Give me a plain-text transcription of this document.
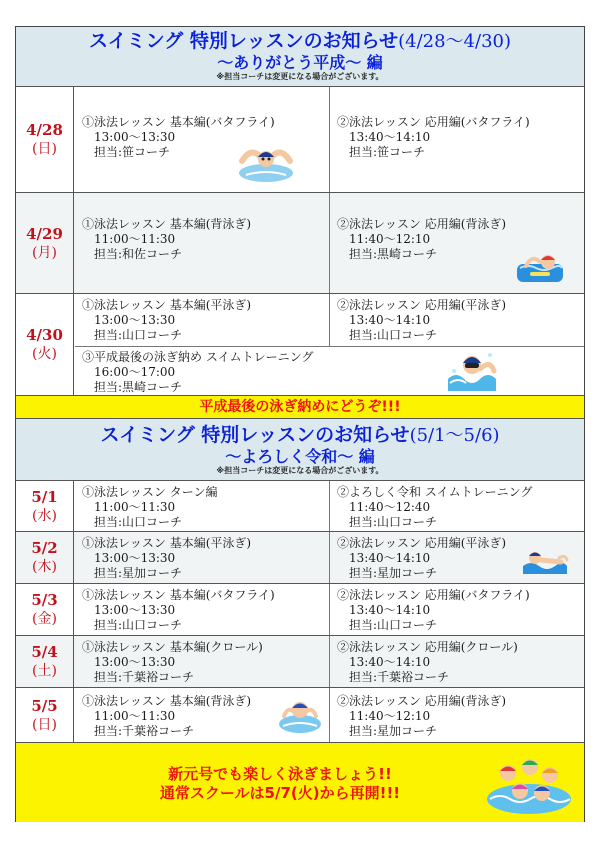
スイミング 特別レッスンのお知らせ(4/28〜4/30)
〜ありがとう平成〜 編
※担当コーチは変更になる場合がございます。
4/28
(日)
①泳法レッスン 基本編(バタフライ)
13:00〜13:30
担当:笹コーチ
②泳法レッスン 応用編(バタフライ)
13:40〜14:10
担当:笹コーチ
4/29
(月)
①泳法レッスン 基本編(背泳ぎ)
11:00〜11:30
担当:和佐コーチ
②泳法レッスン 応用編(背泳ぎ)
11:40〜12:10
担当:黒崎コーチ
4/30
(火)
①泳法レッスン 基本編(平泳ぎ)
13:00〜13:30
担当:山口コーチ
②泳法レッスン 応用編(平泳ぎ)
13:40〜14:10
担当:山口コーチ
③平成最後の泳ぎ納め スイムトレーニング
16:00〜17:00
担当:黒崎コーチ
平成最後の泳ぎ納めにどうぞ!!!
スイミング 特別レッスンのお知らせ(5/1〜5/6)
〜よろしく令和〜 編
※担当コーチは変更になる場合がございます。
5/1
(水)
①泳法レッスン ターン編
11:00〜11:30
担当:山口コーチ
②よろしく令和 スイムトレーニング
11:40〜12:40
担当:山口コーチ
5/2
(木)
①泳法レッスン 基本編(平泳ぎ)
13:00〜13:30
担当:星加コーチ
②泳法レッスン 応用編(平泳ぎ)
13:40〜14:10
担当:星加コーチ
5/3
(金)
①泳法レッスン 基本編(バタフライ)
13:00〜13:30
担当:山口コーチ
②泳法レッスン 応用編(バタフライ)
13:40〜14:10
担当:山口コーチ
5/4
(土)
①泳法レッスン 基本編(クロール)
13:00〜13:30
担当:千葉裕コーチ
②泳法レッスン 応用編(クロール)
13:40〜14:10
担当:千葉裕コーチ
5/5
(日)
①泳法レッスン 基本編(背泳ぎ)
11:00〜11:30
担当:千葉裕コーチ
②泳法レッスン 応用編(背泳ぎ)
11:40〜12:10
担当:星加コーチ
新元号でも楽しく泳ぎましょう!!
通常スクールは5/7(火)から再開!!!
